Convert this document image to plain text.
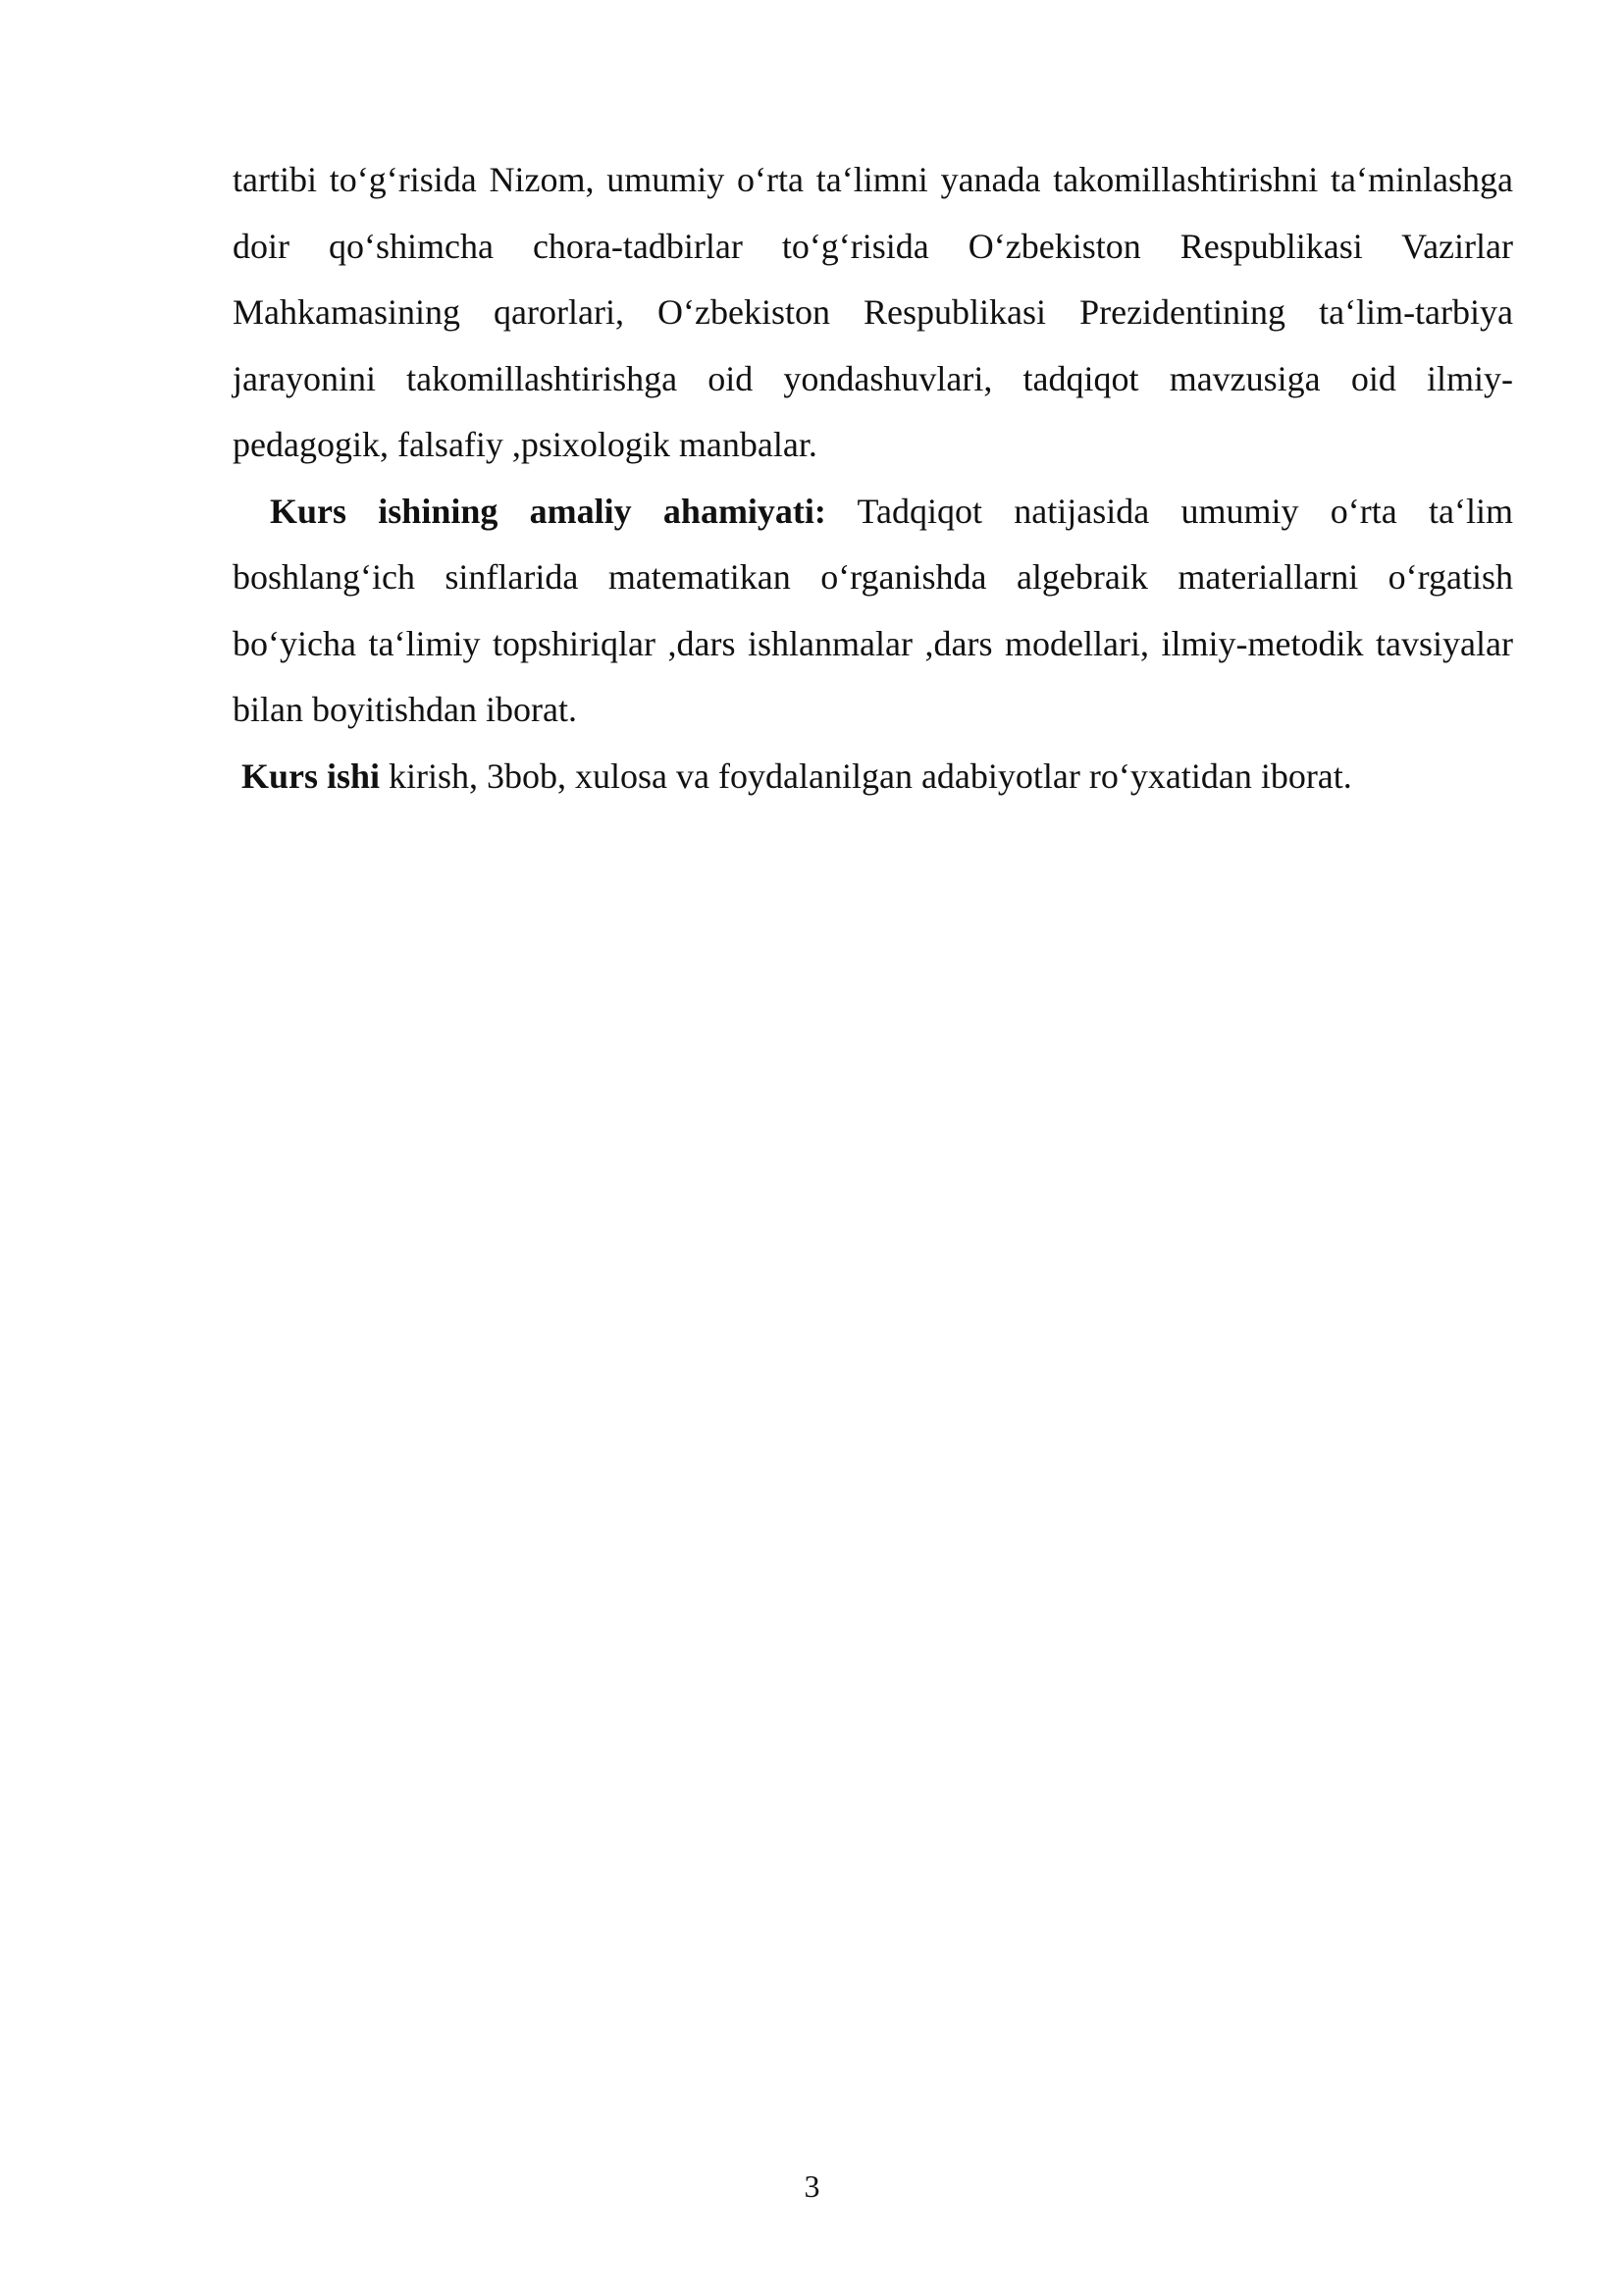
tartibi to‘g‘risida Nizom, umumiy o‘rta ta‘limni yanada takomillashtirishni ta‘minlashga doir qo‘shimcha chora-tadbirlar to‘g‘risida O‘zbekiston Respublikasi Vazirlar Mahkamasining qarorlari, O‘zbekiston Respublikasi Prezidentining ta‘lim-tarbiya jarayonini takomillashtirishga oid yondashuvlari, tadqiqot mavzusiga oid ilmiy-pedagogik, falsafiy ,psixologik manbalar.

Kurs ishining amaliy ahamiyati: Tadqiqot natijasida umumiy o‘rta ta‘lim boshlang‘ich sinflarida matematikan o‘rganishda algebraik materiallarni o‘rgatish bo‘yicha ta‘limiy topshiriqlar ,dars ishlanmalar ,dars modellari, ilmiy-metodik tavsiyalar bilan boyitishdan iborat.

Kurs ishi kirish, 3bob, xulosa va foydalanilgan adabiyotlar ro‘yxatidan iborat.

3
